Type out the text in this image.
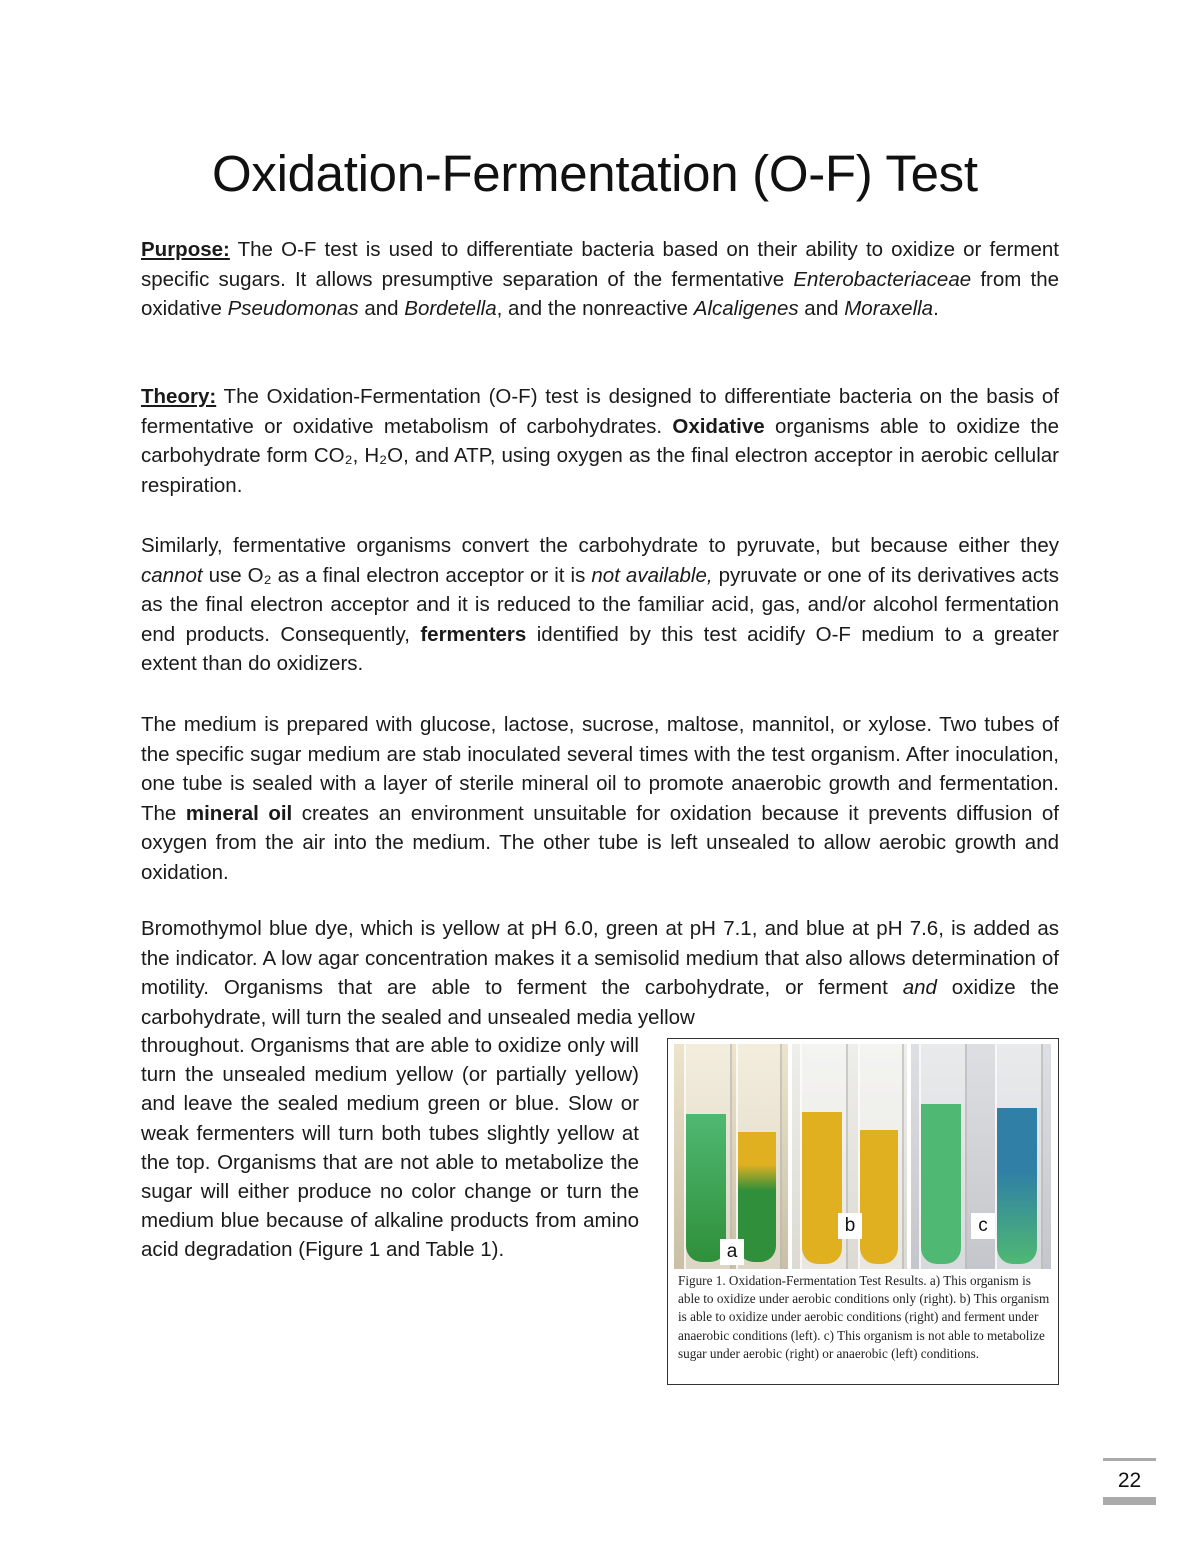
Oxidation-Fermentation (O-F) Test

Purpose: The O-F test is used to differentiate bacteria based on their ability to oxidize or ferment specific sugars. It allows presumptive separation of the fermentative Enterobacteriaceae from the oxidative Pseudomonas and Bordetella, and the nonreactive Alcaligenes and Moraxella.

Theory: The Oxidation-Fermentation (O-F) test is designed to differentiate bacteria on the basis of fermentative or oxidative metabolism of carbohydrates. Oxidative organisms able to oxidize the carbohydrate form CO₂, H₂O, and ATP, using oxygen as the final electron acceptor in aerobic cellular respiration.

Similarly, fermentative organisms convert the carbohydrate to pyruvate, but because either they cannot use O₂ as a final electron acceptor or it is not available, pyruvate or one of its derivatives acts as the final electron acceptor and it is reduced to the familiar acid, gas, and/or alcohol fermentation end products. Consequently, fermenters identified by this test acidify O-F medium to a greater extent than do oxidizers.

The medium is prepared with glucose, lactose, sucrose, maltose, mannitol, or xylose. Two tubes of the specific sugar medium are stab inoculated several times with the test organism. After inoculation, one tube is sealed with a layer of sterile mineral oil to promote anaerobic growth and fermentation. The mineral oil creates an environment unsuitable for oxidation because it prevents diffusion of oxygen from the air into the medium. The other tube is left unsealed to allow aerobic growth and oxidation.

Bromothymol blue dye, which is yellow at pH 6.0, green at pH 7.1, and blue at pH 7.6, is added as the indicator. A low agar concentration makes it a semisolid medium that also allows determination of motility. Organisms that are able to ferment the carbohydrate, or ferment and oxidize the carbohydrate, will turn the sealed and unsealed media yellow

throughout. Organisms that are able to oxidize only will turn the unsealed medium yellow (or partially yellow) and leave the sealed medium green or blue. Slow or weak fermenters will turn both tubes slightly yellow at the top. Organisms that are not able to metabolize the sugar will either produce no color change or turn the medium blue because of alkaline products from amino acid degradation (Figure 1 and Table 1).	a
b	c

Figure 1. Oxidation-Fermentation Test Results. a) This organism is able to oxidize under aerobic conditions only (right). b) This organism is able to oxidize under aerobic conditions (right) and ferment under anaerobic conditions (left). c) This organism is not able to metabolize sugar under aerobic (right) or anaerobic (left) conditions.

22
